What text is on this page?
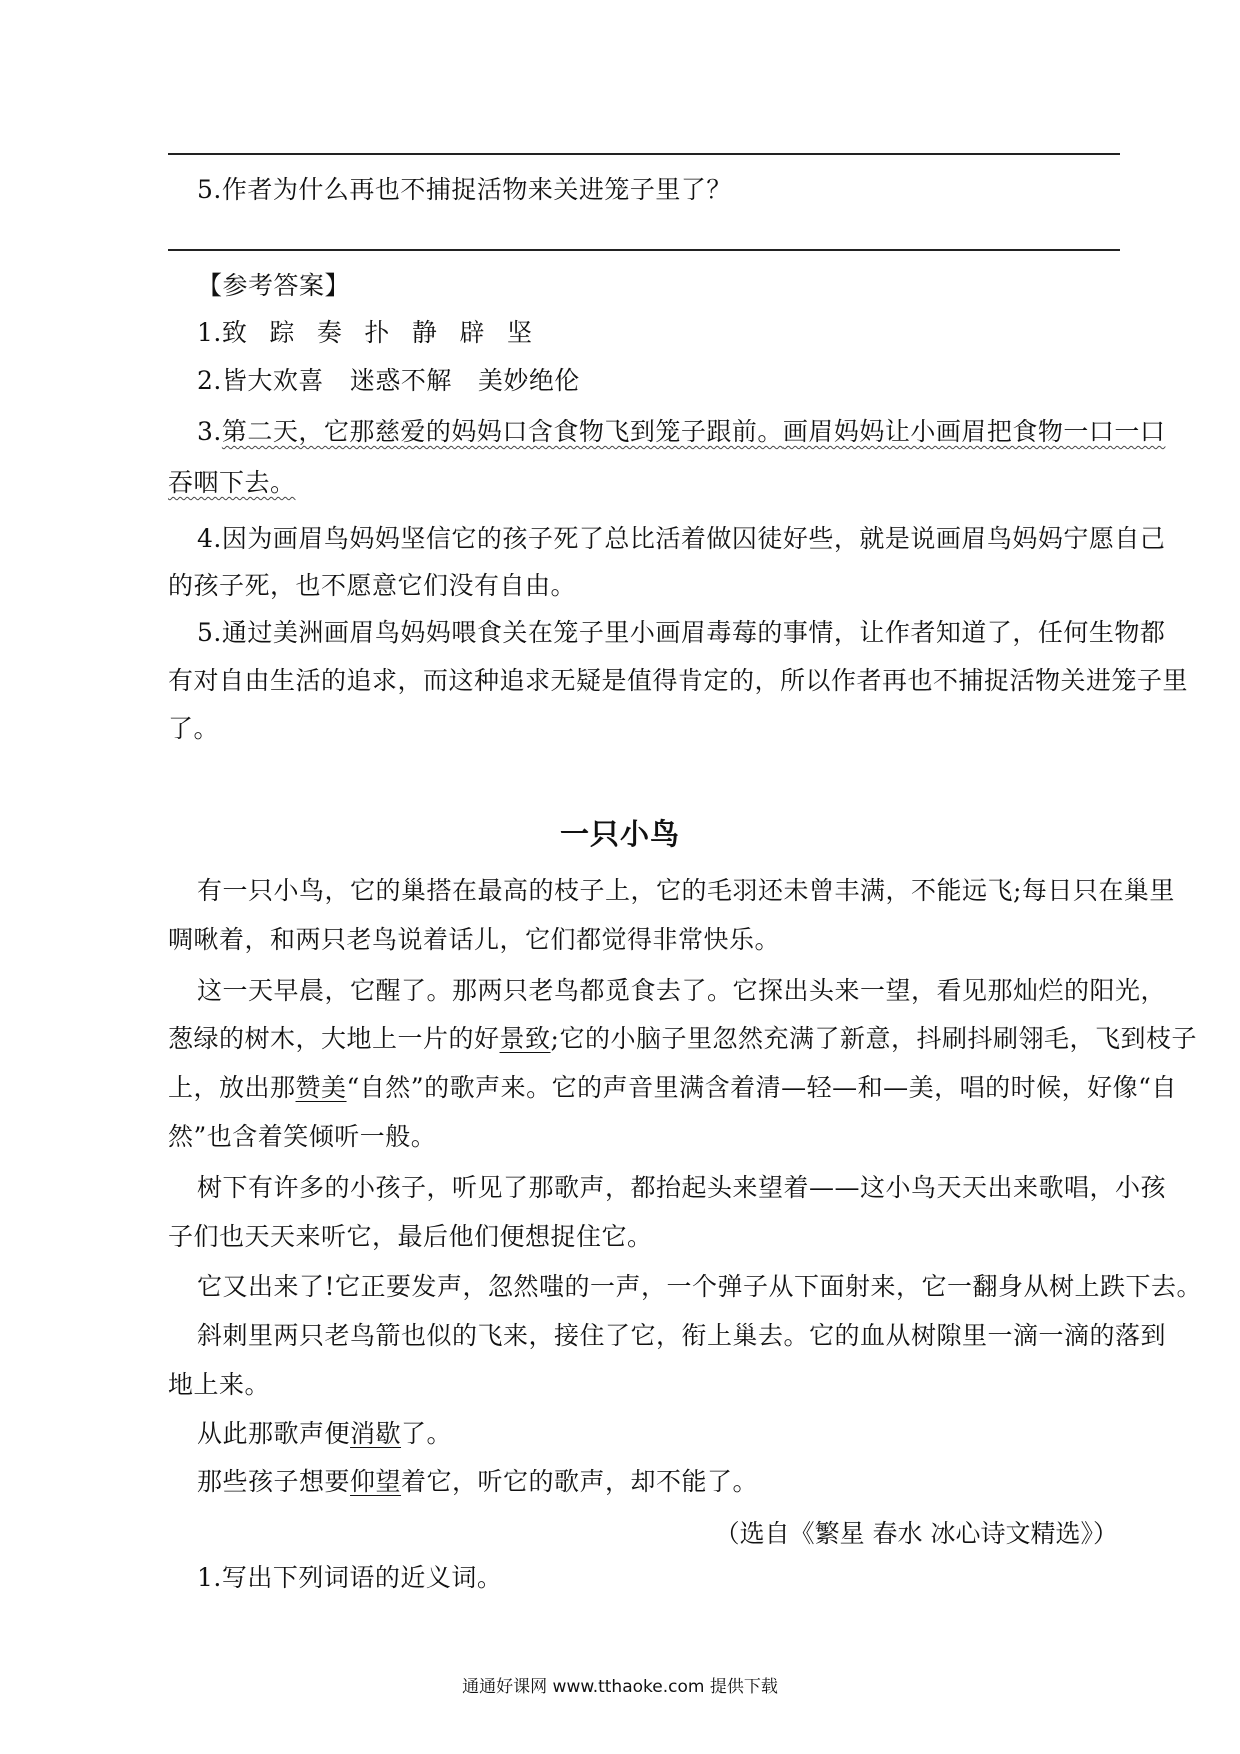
5.作者为什么再也不捕捉活物来关进笼子里了？
【参考答案】
1.致 踪 奏 扑 静 辟 坚
2.皆大欢喜 迷惑不解 美妙绝伦
3.第二天，它那慈爱的妈妈口含食物飞到笼子跟前。画眉妈妈让小画眉把食物一口一口
吞咽下去。
4.因为画眉鸟妈妈坚信它的孩子死了总比活着做囚徒好些，就是说画眉鸟妈妈宁愿自己
的孩子死，也不愿意它们没有自由。
5.通过美洲画眉鸟妈妈喂食关在笼子里小画眉毒莓的事情，让作者知道了，任何生物都
有对自由生活的追求，而这种追求无疑是值得肯定的，所以作者再也不捕捉活物关进笼子里
了。
一只小鸟
有一只小鸟，它的巢搭在最高的枝子上，它的毛羽还未曾丰满，不能远飞;每日只在巢里
啁啾着，和两只老鸟说着话儿，它们都觉得非常快乐。
这一天早晨，它醒了。那两只老鸟都觅食去了。它探出头来一望，看见那灿烂的阳光，
葱绿的树木，大地上一片的好景致;它的小脑子里忽然充满了新意，抖刷抖刷翎毛，飞到枝子
上，放出那赞美“自然”的歌声来。它的声音里满含着清—轻—和—美，唱的时候，好像“自
然”也含着笑倾听一般。
树下有许多的小孩子，听见了那歌声，都抬起头来望着——这小鸟天天出来歌唱，小孩
子们也天天来听它，最后他们便想捉住它。
它又出来了!它正要发声，忽然嗤的一声，一个弹子从下面射来，它一翻身从树上跌下去。
斜刺里两只老鸟箭也似的飞来，接住了它，衔上巢去。它的血从树隙里一滴一滴的落到
地上来。
从此那歌声便消歇了。
那些孩子想要仰望着它，听它的歌声，却不能了。
（选自《繁星 春水 冰心诗文精选》）
1.写出下列词语的近义词。
通通好课网 www.tthaoke.com 提供下载
